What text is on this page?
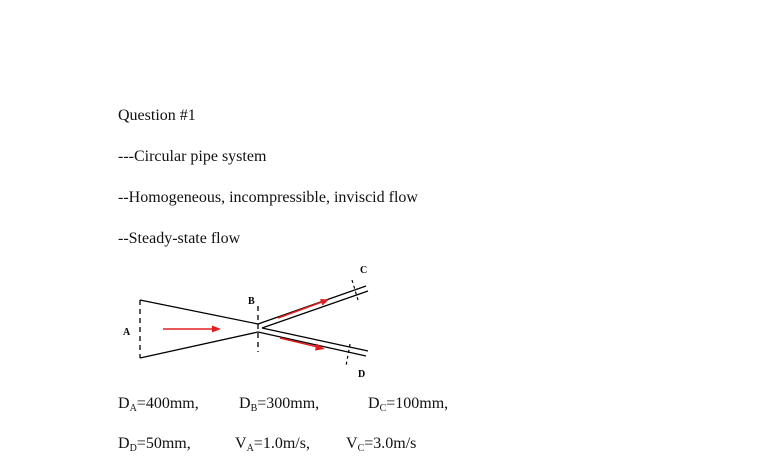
Question #1
---Circular pipe system
--Homogeneous, incompressible, inviscid flow
--Steady-state flow
A
B
C
D
$D_A=400mm$,	$D_B=300mm$,	$D_C=100mm$,
$D_D=50mm$,	$V_A=1.0m/s$, $V_C=3.0m/s$
